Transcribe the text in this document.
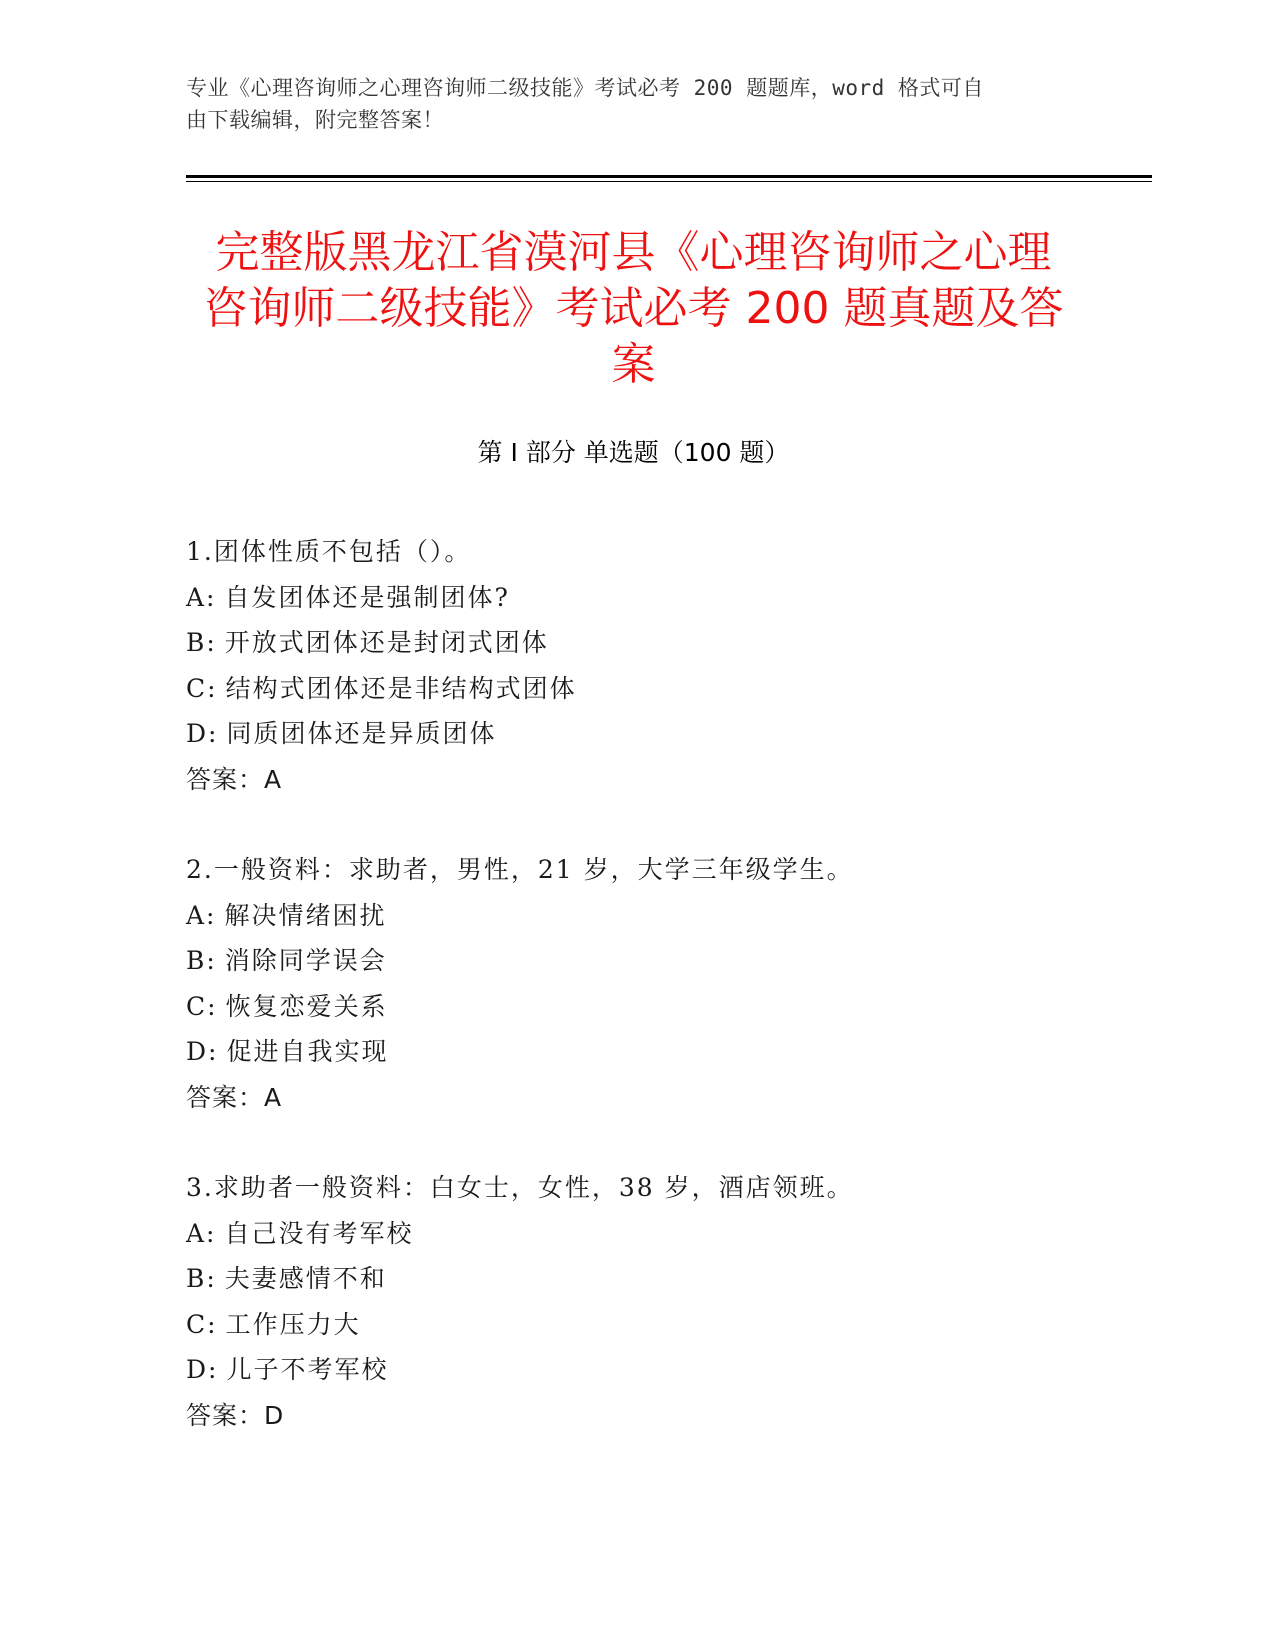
专业《心理咨询师之心理咨询师二级技能》考试必考 200 题题库，word 格式可自
由下载编辑，附完整答案！
完整版黑龙江省漠河县《心理咨询师之心理
咨询师二级技能》考试必考 200 题真题及答
案
第 I 部分 单选题（100 题）
1.团体性质不包括（）。
A: 自发团体还是强制团体?
B: 开放式团体还是封闭式团体
C: 结构式团体还是非结构式团体
D: 同质团体还是异质团体
答案：A
2.一般资料：求助者，男性，21 岁，大学三年级学生。
A: 解决情绪困扰
B: 消除同学误会
C: 恢复恋爱关系
D: 促进自我实现
答案：A
3.求助者一般资料：白女士，女性，38 岁，酒店领班。
A: 自己没有考军校
B: 夫妻感情不和
C: 工作压力大
D: 儿子不考军校
答案：D
